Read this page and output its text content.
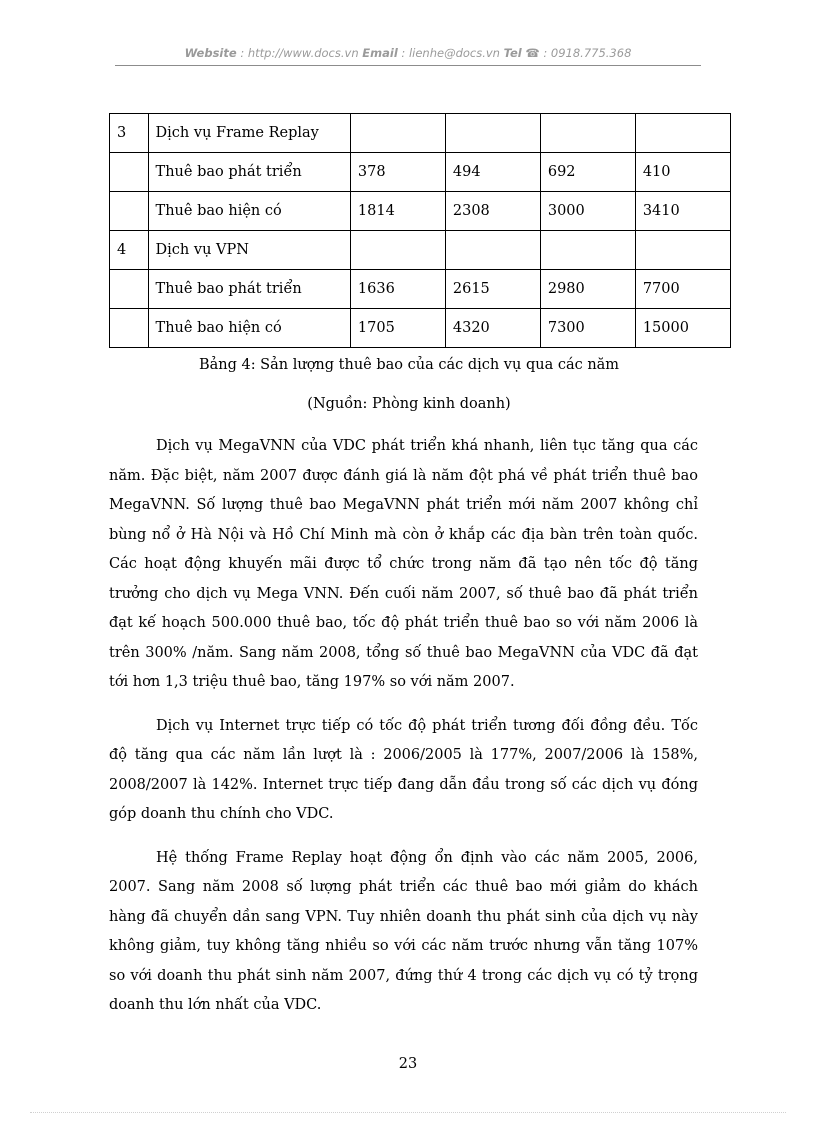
Website : http://www.docs.vn Email : lienhe@docs.vn Tel ☎ : 0918.775.368
3	Dịch vụ Frame Replay				
	Thuê bao phát triển	378	494	692	410
	Thuê bao hiện có	1814	2308	3000	3410
4	Dịch vụ VPN				
	Thuê bao phát triển	1636	2615	2980	7700
	Thuê bao hiện có	1705	4320	7300	15000
Bảng 4: Sản lượng thuê bao của các dịch vụ qua các năm
(Nguồn: Phòng kinh doanh)

Dịch vụ MegaVNN của VDC phát triển khá nhanh, liên tục tăng qua các năm. Đặc biệt, năm 2007 được đánh giá là năm đột phá về phát triển thuê bao MegaVNN. Số lượng thuê bao MegaVNN phát triển mới năm 2007 không chỉ bùng nổ ở Hà Nội và Hồ Chí Minh mà còn ở khắp các địa bàn trên toàn quốc. Các hoạt động khuyến mãi được tổ chức trong năm đã tạo nên tốc độ tăng trưởng cho dịch vụ Mega VNN. Đến cuối năm 2007, số thuê bao đã phát triển đạt kế hoạch 500.000 thuê bao, tốc độ phát triển thuê bao so với năm 2006 là trên 300% /năm. Sang năm 2008, tổng số thuê bao MegaVNN của VDC đã đạt tới hơn 1,3 triệu thuê bao, tăng 197% so với năm 2007.

Dịch vụ Internet trực tiếp có tốc độ phát triển tương đối đồng đều. Tốc độ tăng qua các năm lần lượt là : 2006/2005 là 177%, 2007/2006 là 158%, 2008/2007 là 142%. Internet trực tiếp đang dẫn đầu trong số các dịch vụ đóng góp doanh thu chính cho VDC.

Hệ thống Frame Replay hoạt động ổn định vào các năm 2005, 2006, 2007. Sang năm 2008 số lượng phát triển các thuê bao mới giảm do khách hàng đã chuyển dần sang VPN. Tuy nhiên doanh thu phát sinh của dịch vụ này không giảm, tuy không tăng nhiều so với các năm trước nhưng vẫn tăng 107% so với doanh thu phát sinh năm 2007, đứng thứ 4 trong các dịch vụ có tỷ trọng doanh thu lớn nhất của VDC.

23
